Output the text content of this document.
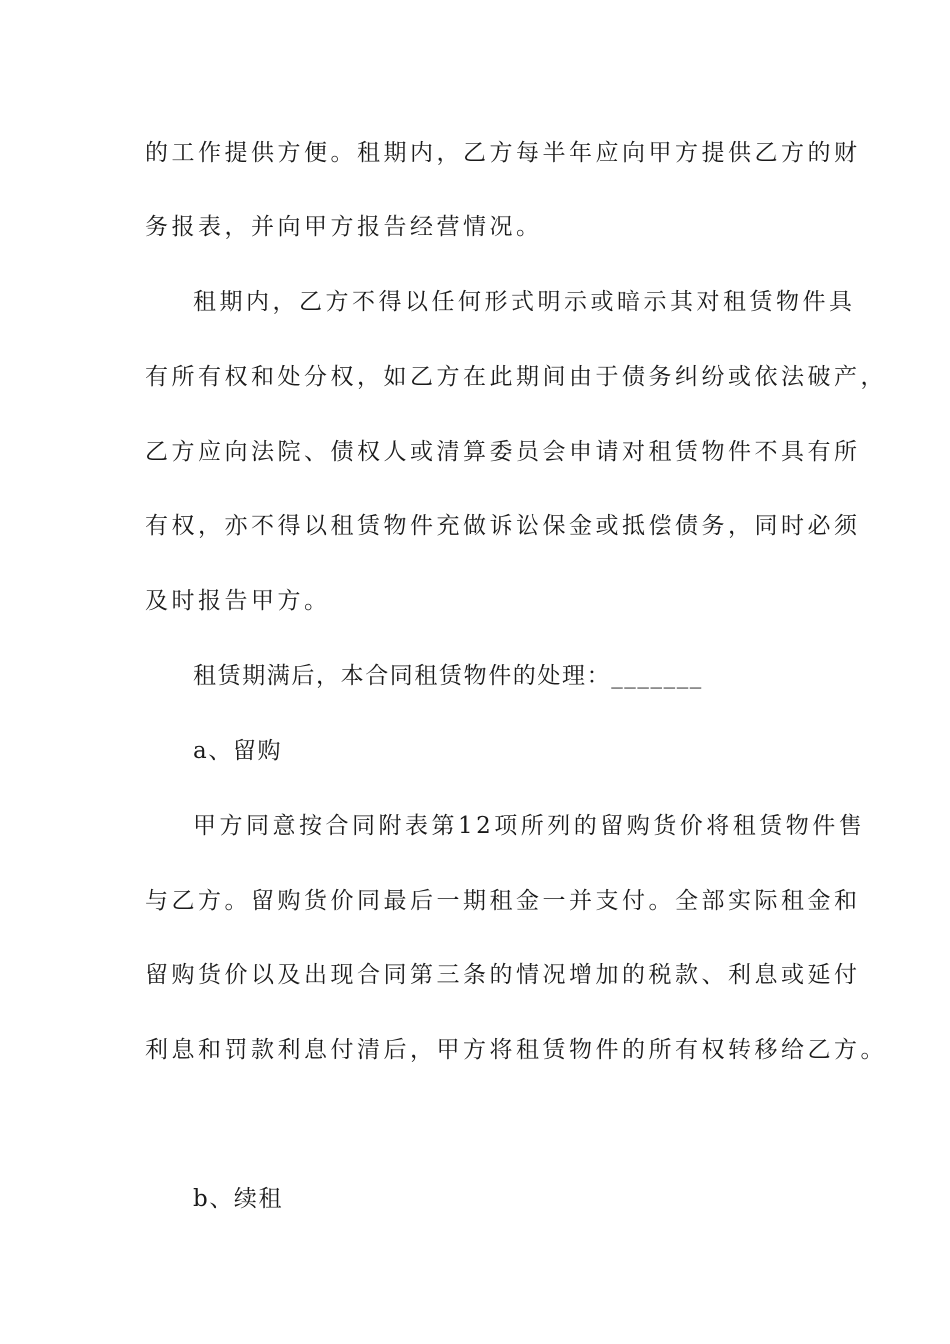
的工作提供方便。租期内，乙方每半年应向甲方提供乙方的财
务报表，并向甲方报告经营情况。
租期内，乙方不得以任何形式明示或暗示其对租赁物件具
有所有权和处分权，如乙方在此期间由于债务纠纷或依法破产，
乙方应向法院、债权人或清算委员会申请对租赁物件不具有所
有权，亦不得以租赁物件充做诉讼保金或抵偿债务，同时必须
及时报告甲方。
租赁期满后，本合同租赁物件的处理：_______
a、留购
甲方同意按合同附表第12项所列的留购货价将租赁物件售
与乙方。留购货价同最后一期租金一并支付。全部实际租金和
留购货价以及出现合同第三条的情况增加的税款、利息或延付
利息和罚款利息付清后，甲方将租赁物件的所有权转移给乙方。
b、续租
